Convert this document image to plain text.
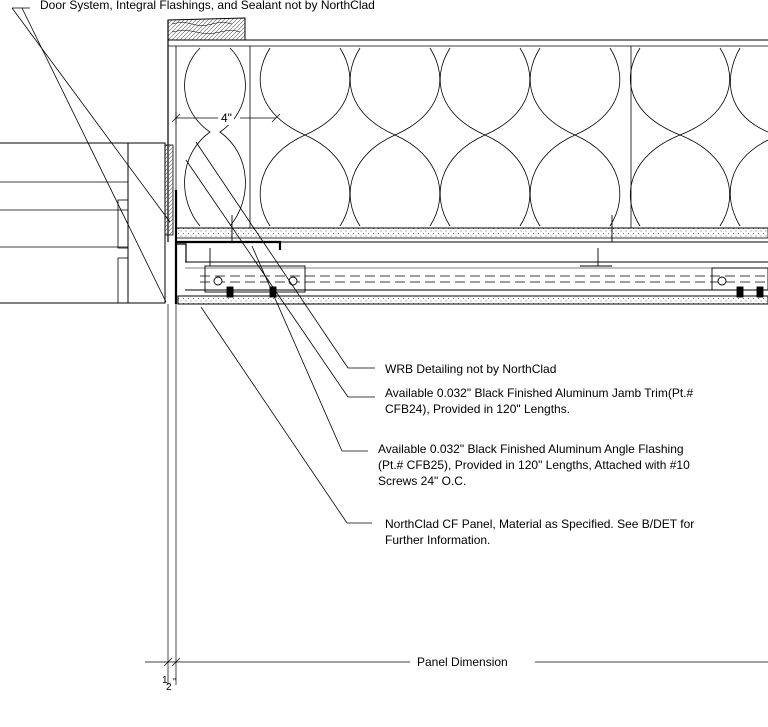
Door System, Integral Flashings, and Sealant not by NorthClad

WRB Detailing not by NorthClad

Available 0.032" Black Finished Aluminum Jamb Trim(Pt.#
CFB24), Provided in 120" Lengths.

Available 0.032" Black Finished Aluminum Angle Flashing
(Pt.# CFB25), Provided in 120" Lengths, Attached with #10
Screws 24" O.C.

NorthClad CF Panel, Material as Specified. See B/DET for
Further Information.

4"
Panel Dimension
1
2 "
